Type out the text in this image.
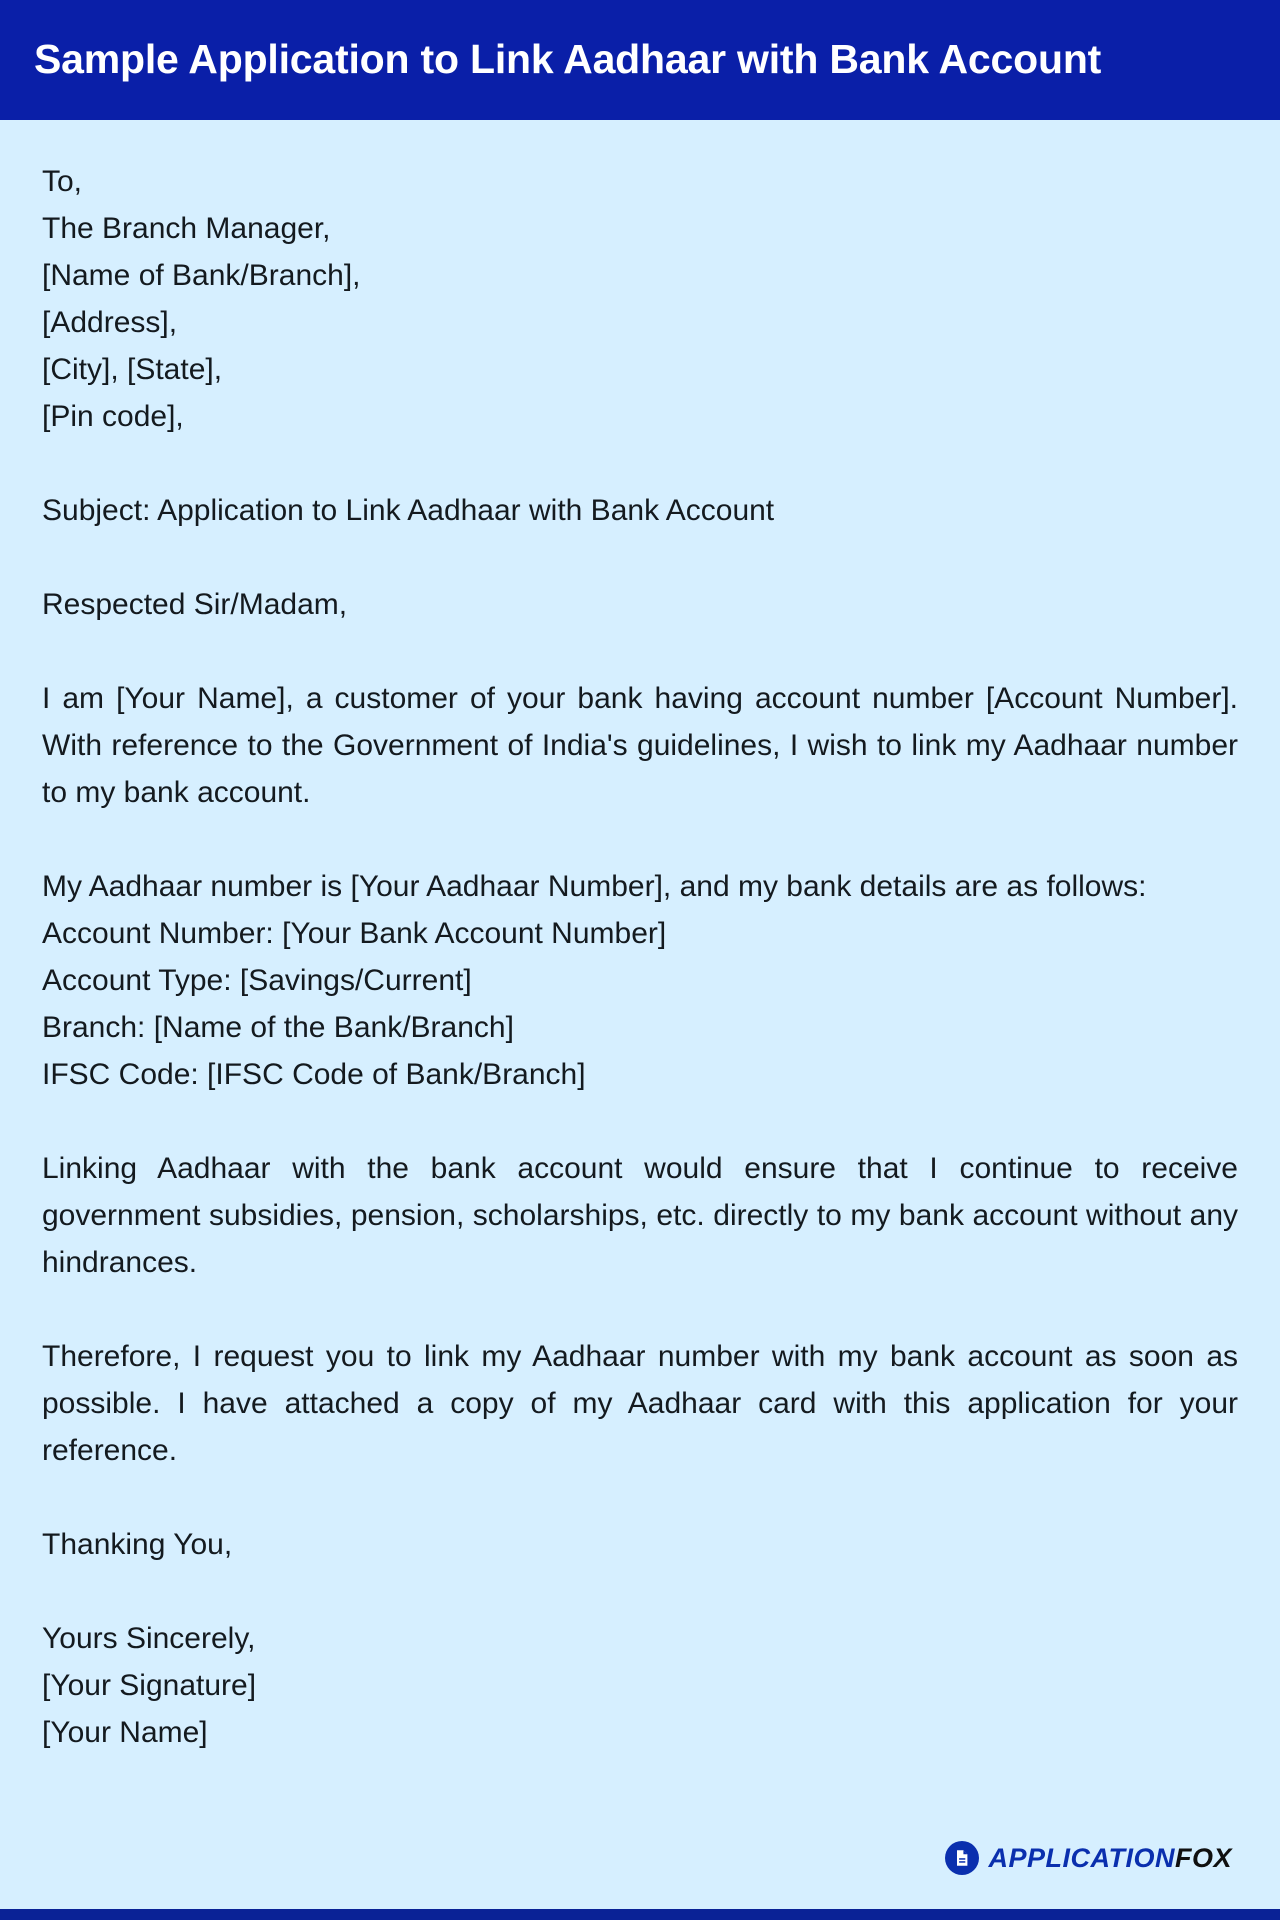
Sample Application to Link Aadhaar with Bank Account
To,
The Branch Manager,
[Name of Bank/Branch],
[Address],
[City], [State],
[Pin code],
Subject: Application to Link Aadhaar with Bank Account
Respected Sir/Madam,

I am [Your Name], a customer of your bank having account number [Account Number]. With reference to the Government of India's guidelines, I wish to link my Aadhaar number to my bank account.

My Aadhaar number is [Your Aadhaar Number], and my bank details are as follows:

Account Number: [Your Bank Account Number]
Account Type: [Savings/Current]
Branch: [Name of the Bank/Branch]
IFSC Code: [IFSC Code of Bank/Branch]

Linking Aadhaar with the bank account would ensure that I continue to receive government subsidies, pension, scholarships, etc. directly to my bank account without any hindrances.

Therefore, I request you to link my Aadhaar number with my bank account as soon as possible. I have attached a copy of my Aadhaar card with this application for your reference.

Thanking You,
Yours Sincerely,
[Your Signature]
[Your Name]
APPLICATIONFOX
